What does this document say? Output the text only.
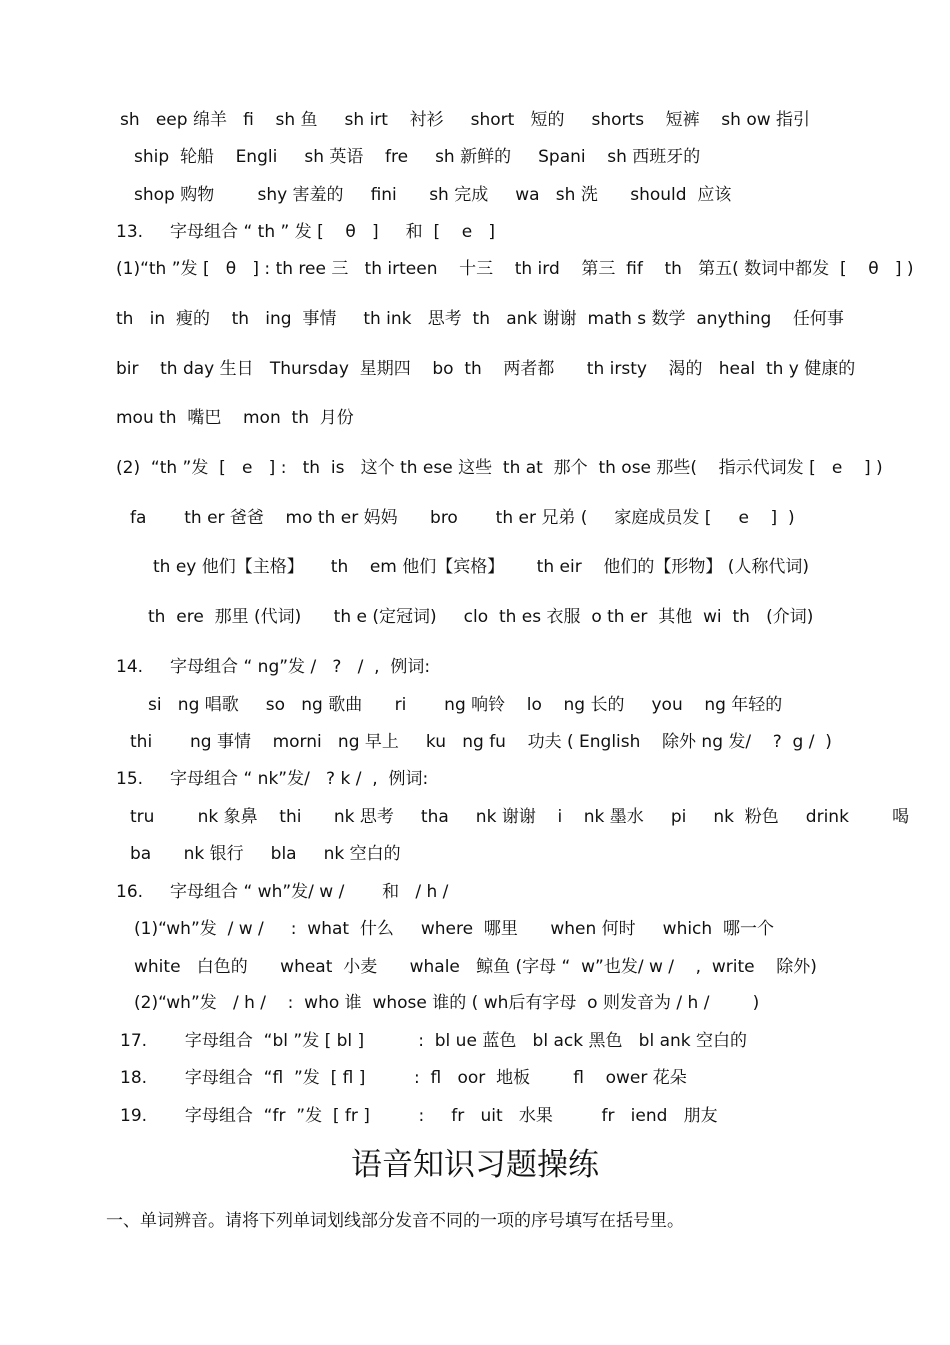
sh   eep 绵羊   fi    sh 鱼     sh irt    衬衫     short   短的     shorts    短裤    sh ow 指引
ship  轮船    Engli     sh 英语    fre     sh 新鲜的     Spani    sh 西班牙的
shop 购物        shy 害羞的     fini      sh 完成     wa   sh 洗      should  应该
13.     字母组合 “ th ” 发 [    θ   ]     和  [    e   ]
(1)“th ”发 [   θ   ] : th ree 三   th irteen    十三    th ird    第三  fif    th   第五( 数词中都发  [    θ   ] )
th   in  瘦的    th   ing  事情     th ink   思考  th   ank 谢谢  math s 数学  anything    任何事
bir    th day 生日   Thursday  星期四    bo  th    两者都      th irsty    渴的   heal  th y 健康的
mou th  嘴巴    mon  th  月份
(2)  “th ”发  [   e   ] :   th  is   这个 th ese 这些  th at  那个  th ose 那些(    指示代词发 [   e    ] )
fa       th er 爸爸    mo th er 妈妈      bro       th er 兄弟 (     家庭成员发 [     e    ]  )
th ey 他们【主格】     th    em 他们【宾格】      th eir    他们的【形物】 (人称代词)
th  ere  那里 (代词)      th e (定冠词)     clo  th es 衣服  o th er  其他  wi  th   (介词)
14.     字母组合 “ ng”发 /   ?   /  ,  例词:
si   ng 唱歌     so   ng 歌曲      ri       ng 响铃    lo    ng 长的     you    ng 年轻的
thi       ng 事情    morni   ng 早上     ku   ng fu    功夫 ( English    除外 ng 发/    ?  g /  )
15.     字母组合 “ nk”发/   ? k /  ,  例词:
tru        nk 象鼻    thi      nk 思考     tha     nk 谢谢    i    nk 墨水     pi     nk  粉色     drink        喝
ba      nk 银行     bla     nk 空白的
16.     字母组合 “ wh”发/ w /       和   / h /
(1)“wh”发  / w /     :  what  什么     where  哪里      when 何时     which  哪一个
white   白色的      wheat  小麦      whale   鲸鱼 (字母 “  w”也发/ w /    ,  write    除外)
(2)“wh”发   / h /    :  who 谁  whose 谁的 ( wh后有字母  o 则发音为 / h /        )
17.       字母组合  “bl ”发 [ bl ]          :  bl ue 蓝色   bl ack 黑色   bl ank 空白的
18.       字母组合  “fl  ”发  [ fl ]         :  fl   oor  地板        fl    ower 花朵
19.       字母组合  “fr  ”发  [ fr ]         :     fr   uit   水果         fr   iend   朋友
语音知识习题操练
一、单词辨音。请将下列单词划线部分发音不同的一项的序号填写在括号里。
